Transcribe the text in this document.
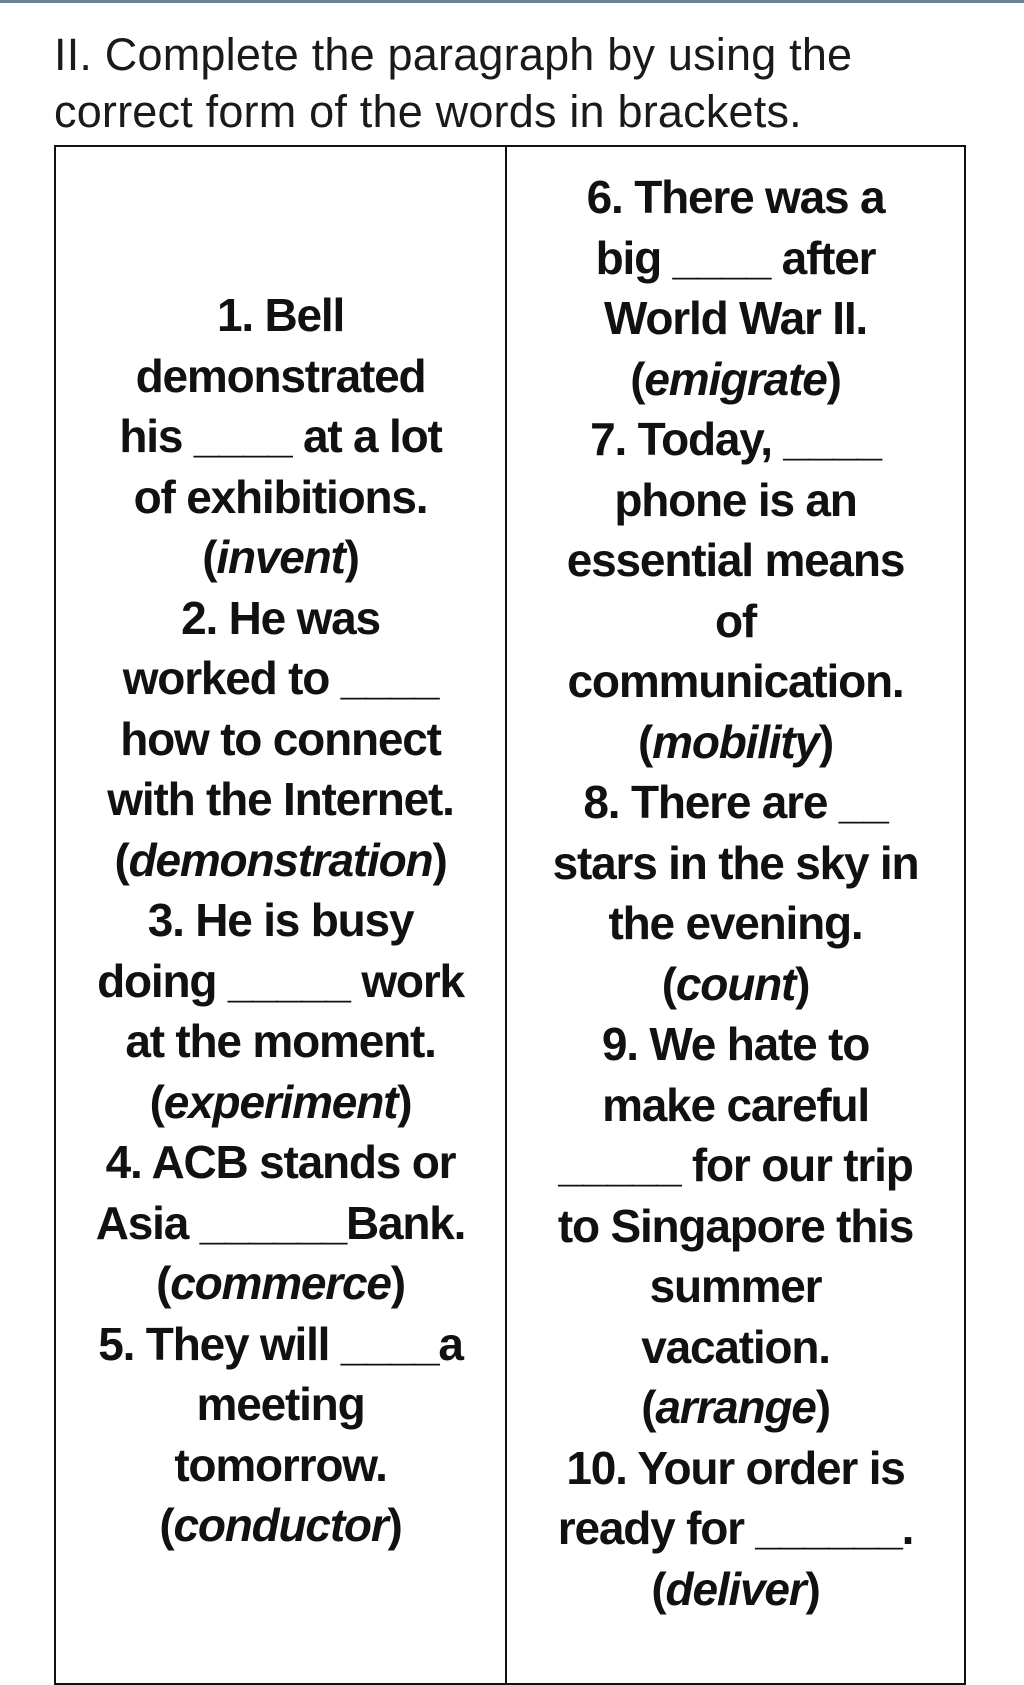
II. Complete the paragraph by using the
correct form of the words in brackets.
1. Bell
demonstrated
his ____ at a lot
of exhibitions.
(invent)
2. He was
worked to ____
how to connect
with the Internet.
(demonstration)
3. He is busy
doing _____ work
at the moment.
(experiment)
4. ACB stands or
Asia ______Bank.
(commerce)
5. They will ____a
meeting
tomorrow.
(conductor)
6. There was a
big ____ after
World War II.
(emigrate)
7. Today, ____
phone is an
essential means
of
communication.
(mobility)
8. There are __
stars in the sky in
the evening.
(count)
9. We hate to
make careful
_____ for our trip
to Singapore this
summer
vacation.
(arrange)
10. Your order is
ready for ______.
(deliver)
